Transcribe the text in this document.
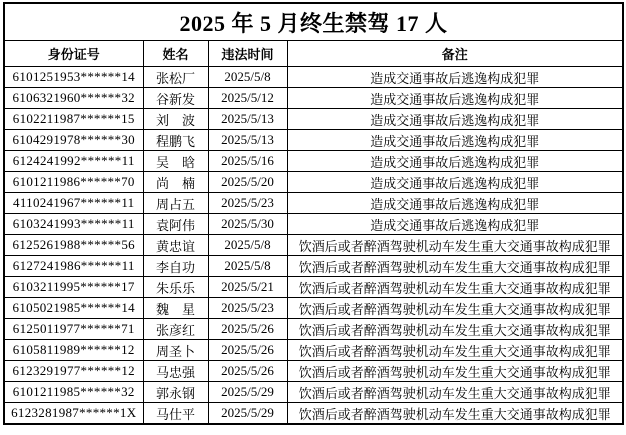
2025 年 5 月终生禁驾 17 人			
身份证号	姓名	违法时间	备注
6101251953******14	张松厂	2025/5/8	造成交通事故后逃逸构成犯罪
6106321960******32	谷新发	2025/5/12	造成交通事故后逃逸构成犯罪
6102211987******15	刘　波	2025/5/13	造成交通事故后逃逸构成犯罪
6104291978******30	程鹏飞	2025/5/13	造成交通事故后逃逸构成犯罪
6124241992******11	吴　晗	2025/5/16	造成交通事故后逃逸构成犯罪
6101211986******70	尚　楠	2025/5/20	造成交通事故后逃逸构成犯罪
4110241967******11	周占五	2025/5/23	造成交通事故后逃逸构成犯罪
6103241993******11	袁阿伟	2025/5/30	造成交通事故后逃逸构成犯罪
6125261988******56	黄忠谊	2025/5/8	饮酒后或者醉酒驾驶机动车发生重大交通事故构成犯罪
6127241986******11	李自功	2025/5/8	饮酒后或者醉酒驾驶机动车发生重大交通事故构成犯罪
6103211995******17	朱乐乐	2025/5/21	饮酒后或者醉酒驾驶机动车发生重大交通事故构成犯罪
6105021985******14	魏　星	2025/5/23	饮酒后或者醉酒驾驶机动车发生重大交通事故构成犯罪
6125011977******71	张彦红	2025/5/26	饮酒后或者醉酒驾驶机动车发生重大交通事故构成犯罪
6105811989******12	周圣卜	2025/5/26	饮酒后或者醉酒驾驶机动车发生重大交通事故构成犯罪
6123291977******12	马忠强	2025/5/26	饮酒后或者醉酒驾驶机动车发生重大交通事故构成犯罪
6101211985******32	郭永钢	2025/5/29	饮酒后或者醉酒驾驶机动车发生重大交通事故构成犯罪
6123281987******1X	马仕平	2025/5/29	饮酒后或者醉酒驾驶机动车发生重大交通事故构成犯罪
